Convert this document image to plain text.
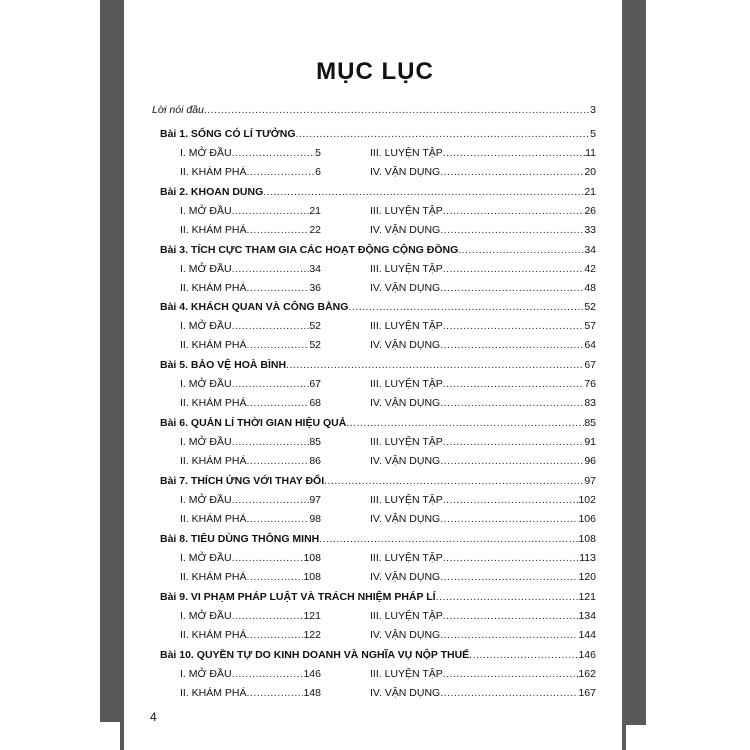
MỤC LỤC
Lời nói đầu .....	3
Bài 1. SỐNG CÓ LÍ TƯỞNG .....	5
I. MỞ ĐẦU .....	5	III. LUYỆN TẬP .....	11
II. KHÁM PHÁ .....	6	IV. VẬN DỤNG .....	20
Bài 2. KHOAN DUNG .....	21
I. MỞ ĐẦU .....	21	III. LUYỆN TẬP .....	26
II. KHÁM PHÁ .....	22	IV. VẬN DỤNG .....	33
Bài 3. TÍCH CỰC THAM GIA CÁC HOẠT ĐỘNG CỘNG ĐỒNG .....	34
I. MỞ ĐẦU .....	34	III. LUYỆN TẬP .....	42
II. KHÁM PHÁ .....	36	IV. VẬN DỤNG .....	48
Bài 4. KHÁCH QUAN VÀ CÔNG BẰNG .....	52
I. MỞ ĐẦU .....	52	III. LUYỆN TẬP .....	57
II. KHÁM PHÁ .....	52	IV. VẬN DỤNG .....	64
Bài 5. BẢO VỆ HOÀ BÌNH .....	67
I. MỞ ĐẦU .....	67	III. LUYỆN TẬP .....	76
II. KHÁM PHÁ .....	68	IV. VẬN DỤNG .....	83
Bài 6. QUẢN LÍ THỜI GIAN HIỆU QUẢ .....	85
I. MỞ ĐẦU .....	85	III. LUYỆN TẬP .....	91
II. KHÁM PHÁ .....	86	IV. VẬN DỤNG .....	96
Bài 7. THÍCH ỨNG VỚI THAY ĐỔI .....	97
I. MỞ ĐẦU .....	97	III. LUYỆN TẬP .....	102
II. KHÁM PHÁ .....	98	IV. VẬN DỤNG .....	106
Bài 8. TIÊU DÙNG THÔNG MINH .....	108
I. MỞ ĐẦU .....	108	III. LUYỆN TẬP .....	113
II. KHÁM PHÁ .....	108	IV. VẬN DỤNG .....	120
Bài 9. VI PHẠM PHÁP LUẬT VÀ TRÁCH NHIỆM PHÁP LÍ .....	121
I. MỞ ĐẦU .....	121	III. LUYỆN TẬP .....	134
II. KHÁM PHÁ .....	122	IV. VẬN DỤNG .....	144
Bài 10. QUYỀN TỰ DO KINH DOANH VÀ NGHĨA VỤ NỘP THUẾ .....	146
I. MỞ ĐẦU .....	146	III. LUYỆN TẬP .....	162
II. KHÁM PHÁ .....	148	IV. VẬN DỤNG .....	167
4
